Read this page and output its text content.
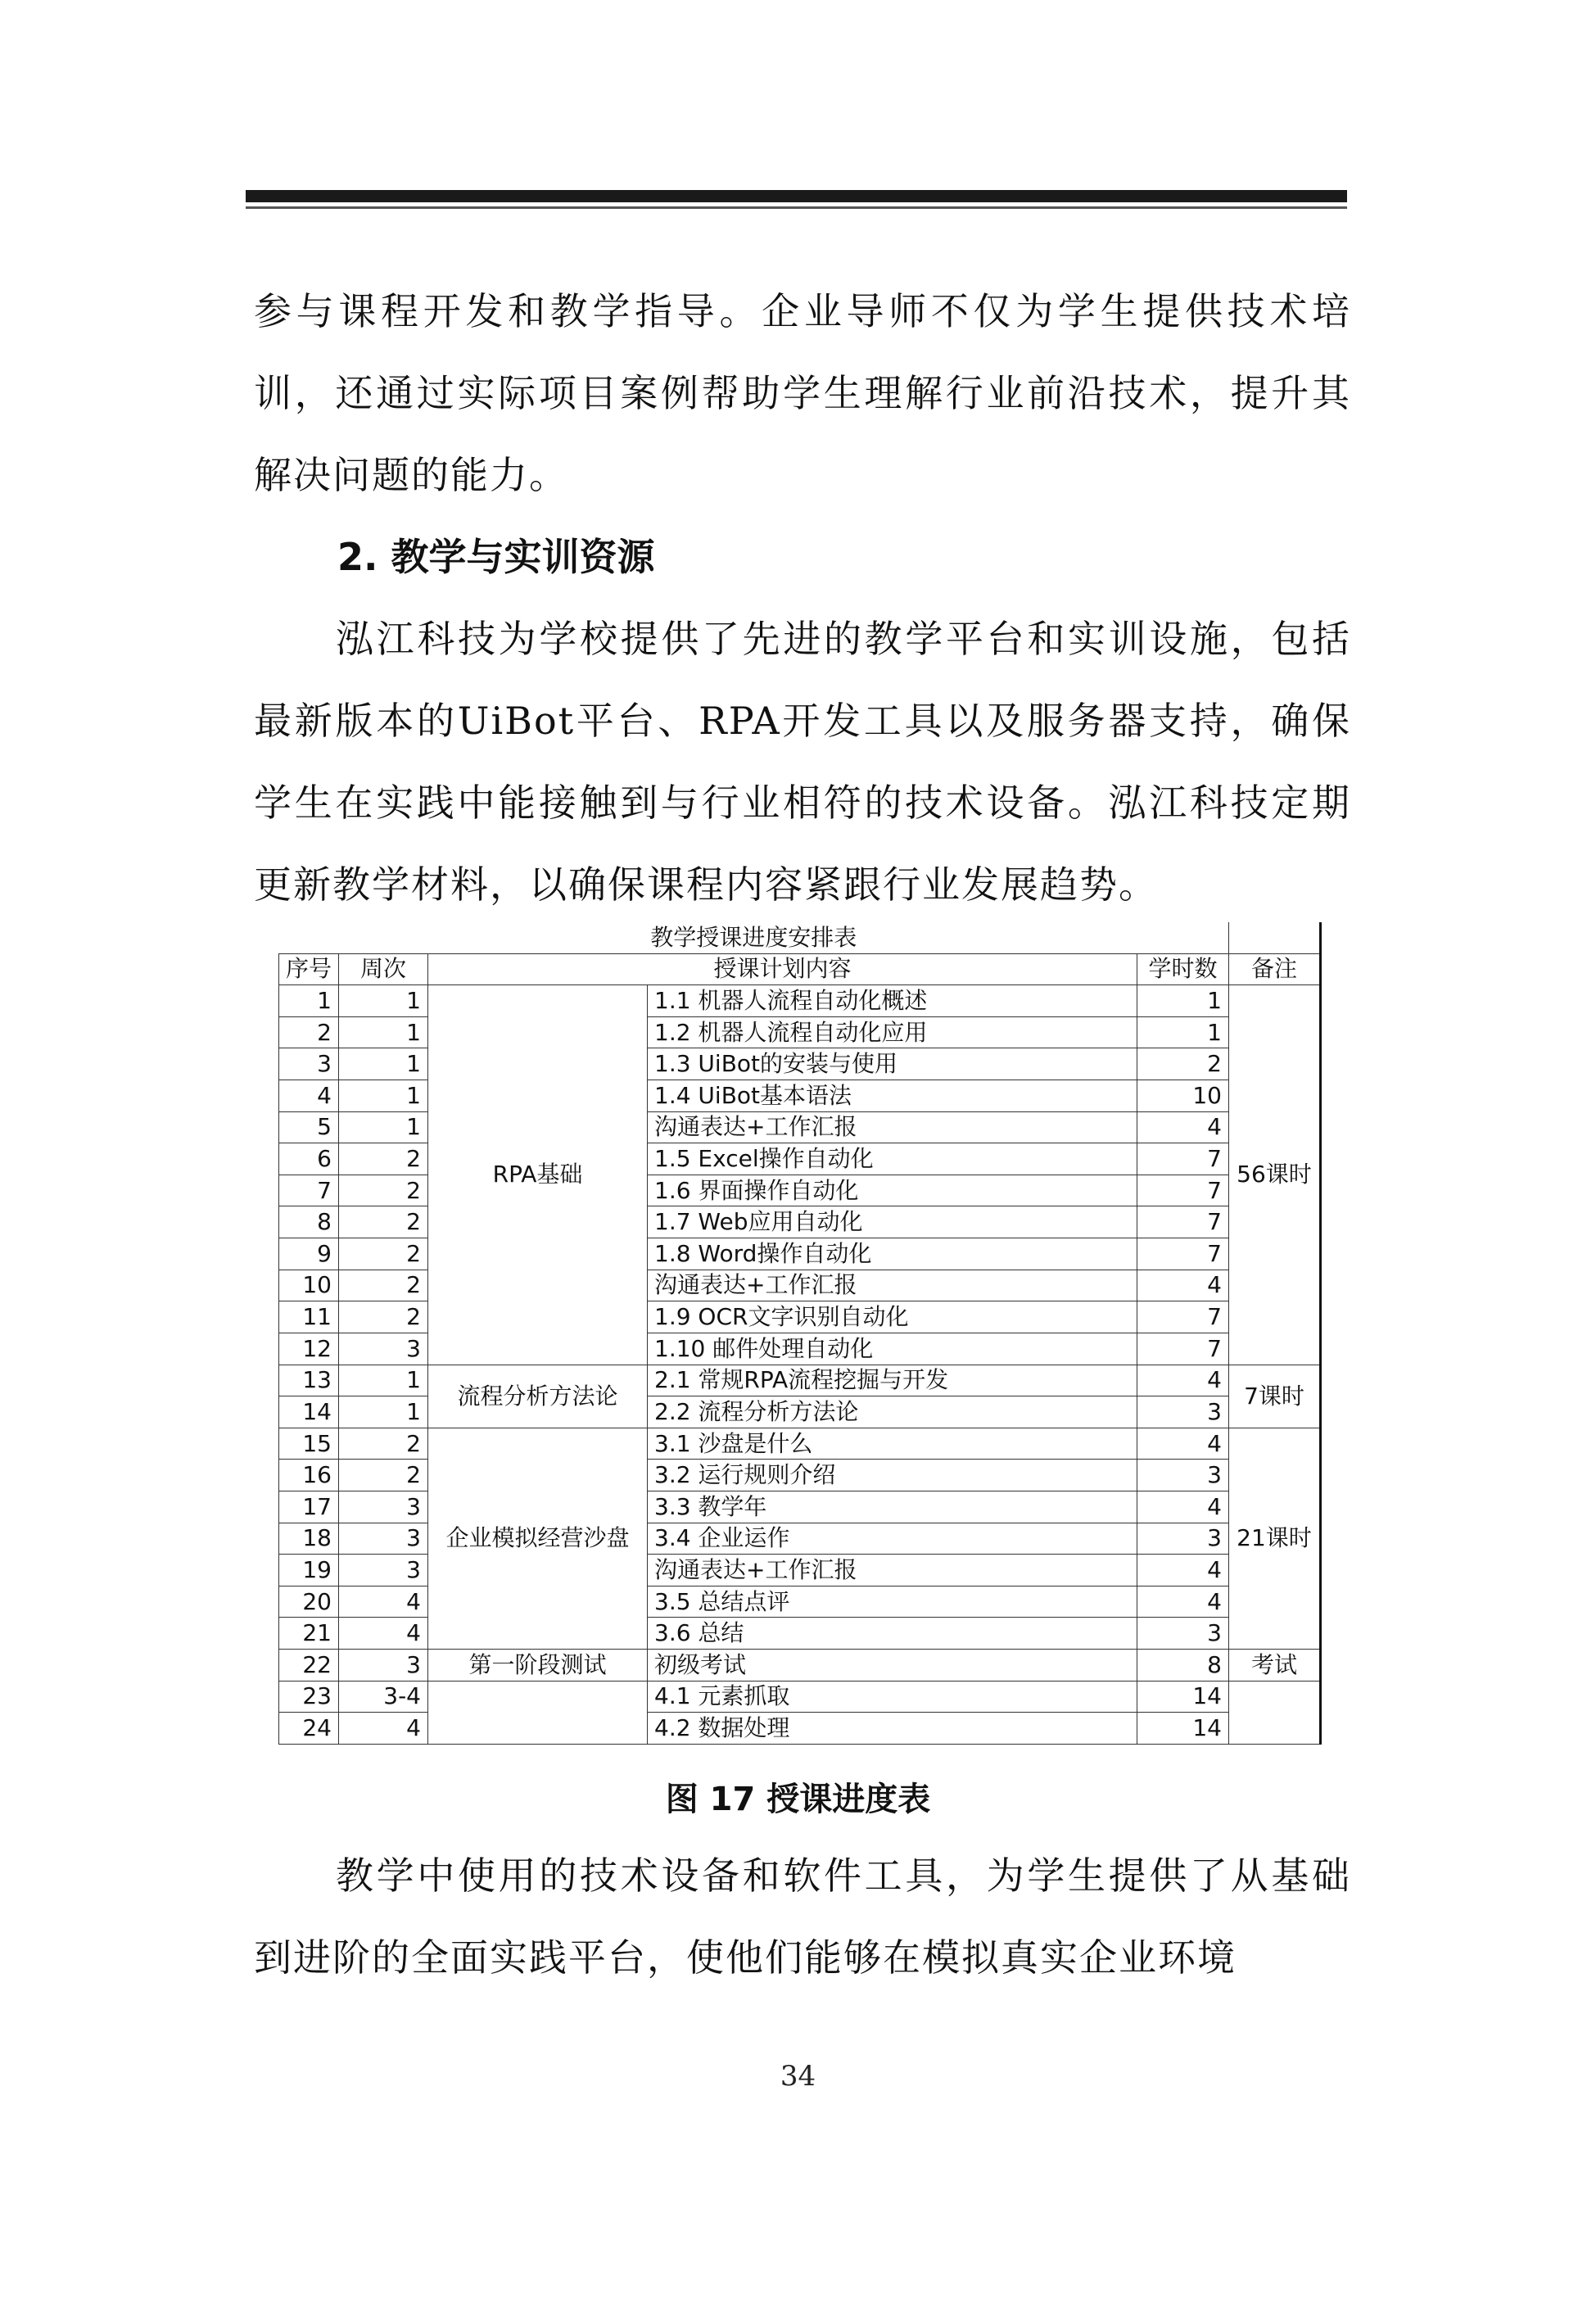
参与课程开发和教学指导。企业导师不仅为学生提供技术培训，还通过实际项目案例帮助学生理解行业前沿技术，提升其解决问题的能力。
2. 教学与实训资源
泓江科技为学校提供了先进的教学平台和实训设施，包括最新版本的UiBot平台、RPA开发工具以及服务器支持，确保学生在实践中能接触到与行业相符的技术设备。泓江科技定期更新教学材料，以确保课程内容紧跟行业发展趋势。
教学授课进度安排表					
序号	周次	授课计划内容		学时数	备注
1	1	RPA基础	1.1 机器人流程自动化概述	1	56课时
2	1		1.2 机器人流程自动化应用	1	
3	1		1.3 UiBot的安装与使用	2	
4	1		1.4 UiBot基本语法	10	
5	1		沟通表达+工作汇报	4	
6	2		1.5 Excel操作自动化	7	
7	2		1.6 界面操作自动化	7	
8	2		1.7 Web应用自动化	7	
9	2		1.8 Word操作自动化	7	
10	2		沟通表达+工作汇报	4	
11	2		1.9 OCR文字识别自动化	7	
12	3		1.10 邮件处理自动化	7	
13	1	流程分析方法论	2.1 常规RPA流程挖掘与开发	4	7课时
14	1		2.2 流程分析方法论	3	
15	2	企业模拟经营沙盘	3.1 沙盘是什么	4	21课时
16	2		3.2 运行规则介绍	3	
17	3		3.3 教学年	4	
18	3		3.4 企业运作	3	
19	3		沟通表达+工作汇报	4	
20	4		3.5 总结点评	4	
21	4		3.6 总结	3	
22	3	第一阶段测试	初级考试	8	考试
23	3-4		4.1 元素抓取	14	
24	4		4.2 数据处理	14	
图 17 授课进度表
教学中使用的技术设备和软件工具，为学生提供了从基础到进阶的全面实践平台，使他们能够在模拟真实企业环境
34
